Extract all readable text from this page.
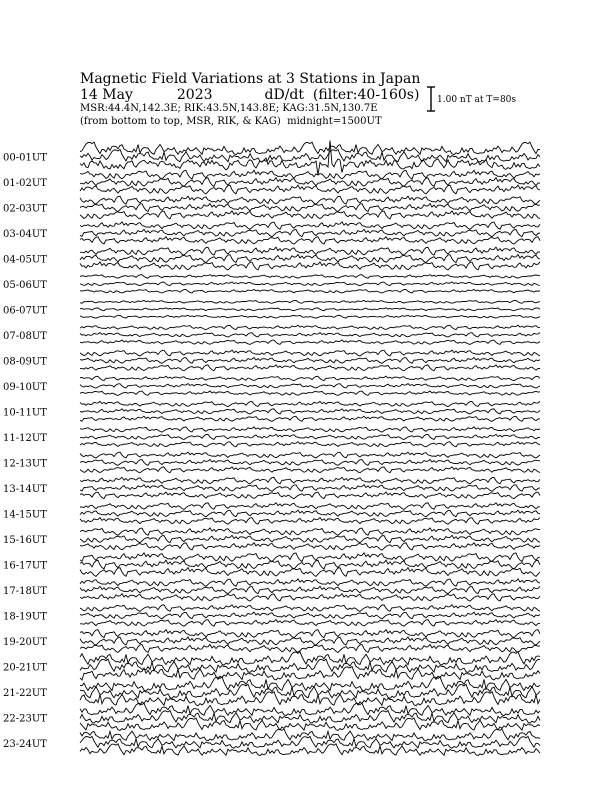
Magnetic Field Variations at 3 Stations in Japan
14 May	2023	dD/dt (filter:40-160s)
MSR:44.4N,142.3E; RIK:43.5N,143.8E; KAG:31.5N,130.7E
(from bottom to top, MSR, RIK, & KAG) midnight=1500UT
1.00 nT at T=80s
00-01UT
01-02UT
02-03UT
03-04UT
04-05UT
05-06UT
06-07UT
07-08UT
08-09UT
09-10UT
10-11UT
11-12UT
12-13UT
13-14UT
14-15UT
15-16UT
16-17UT
17-18UT
18-19UT
19-20UT
20-21UT
21-22UT
22-23UT
23-24UT
